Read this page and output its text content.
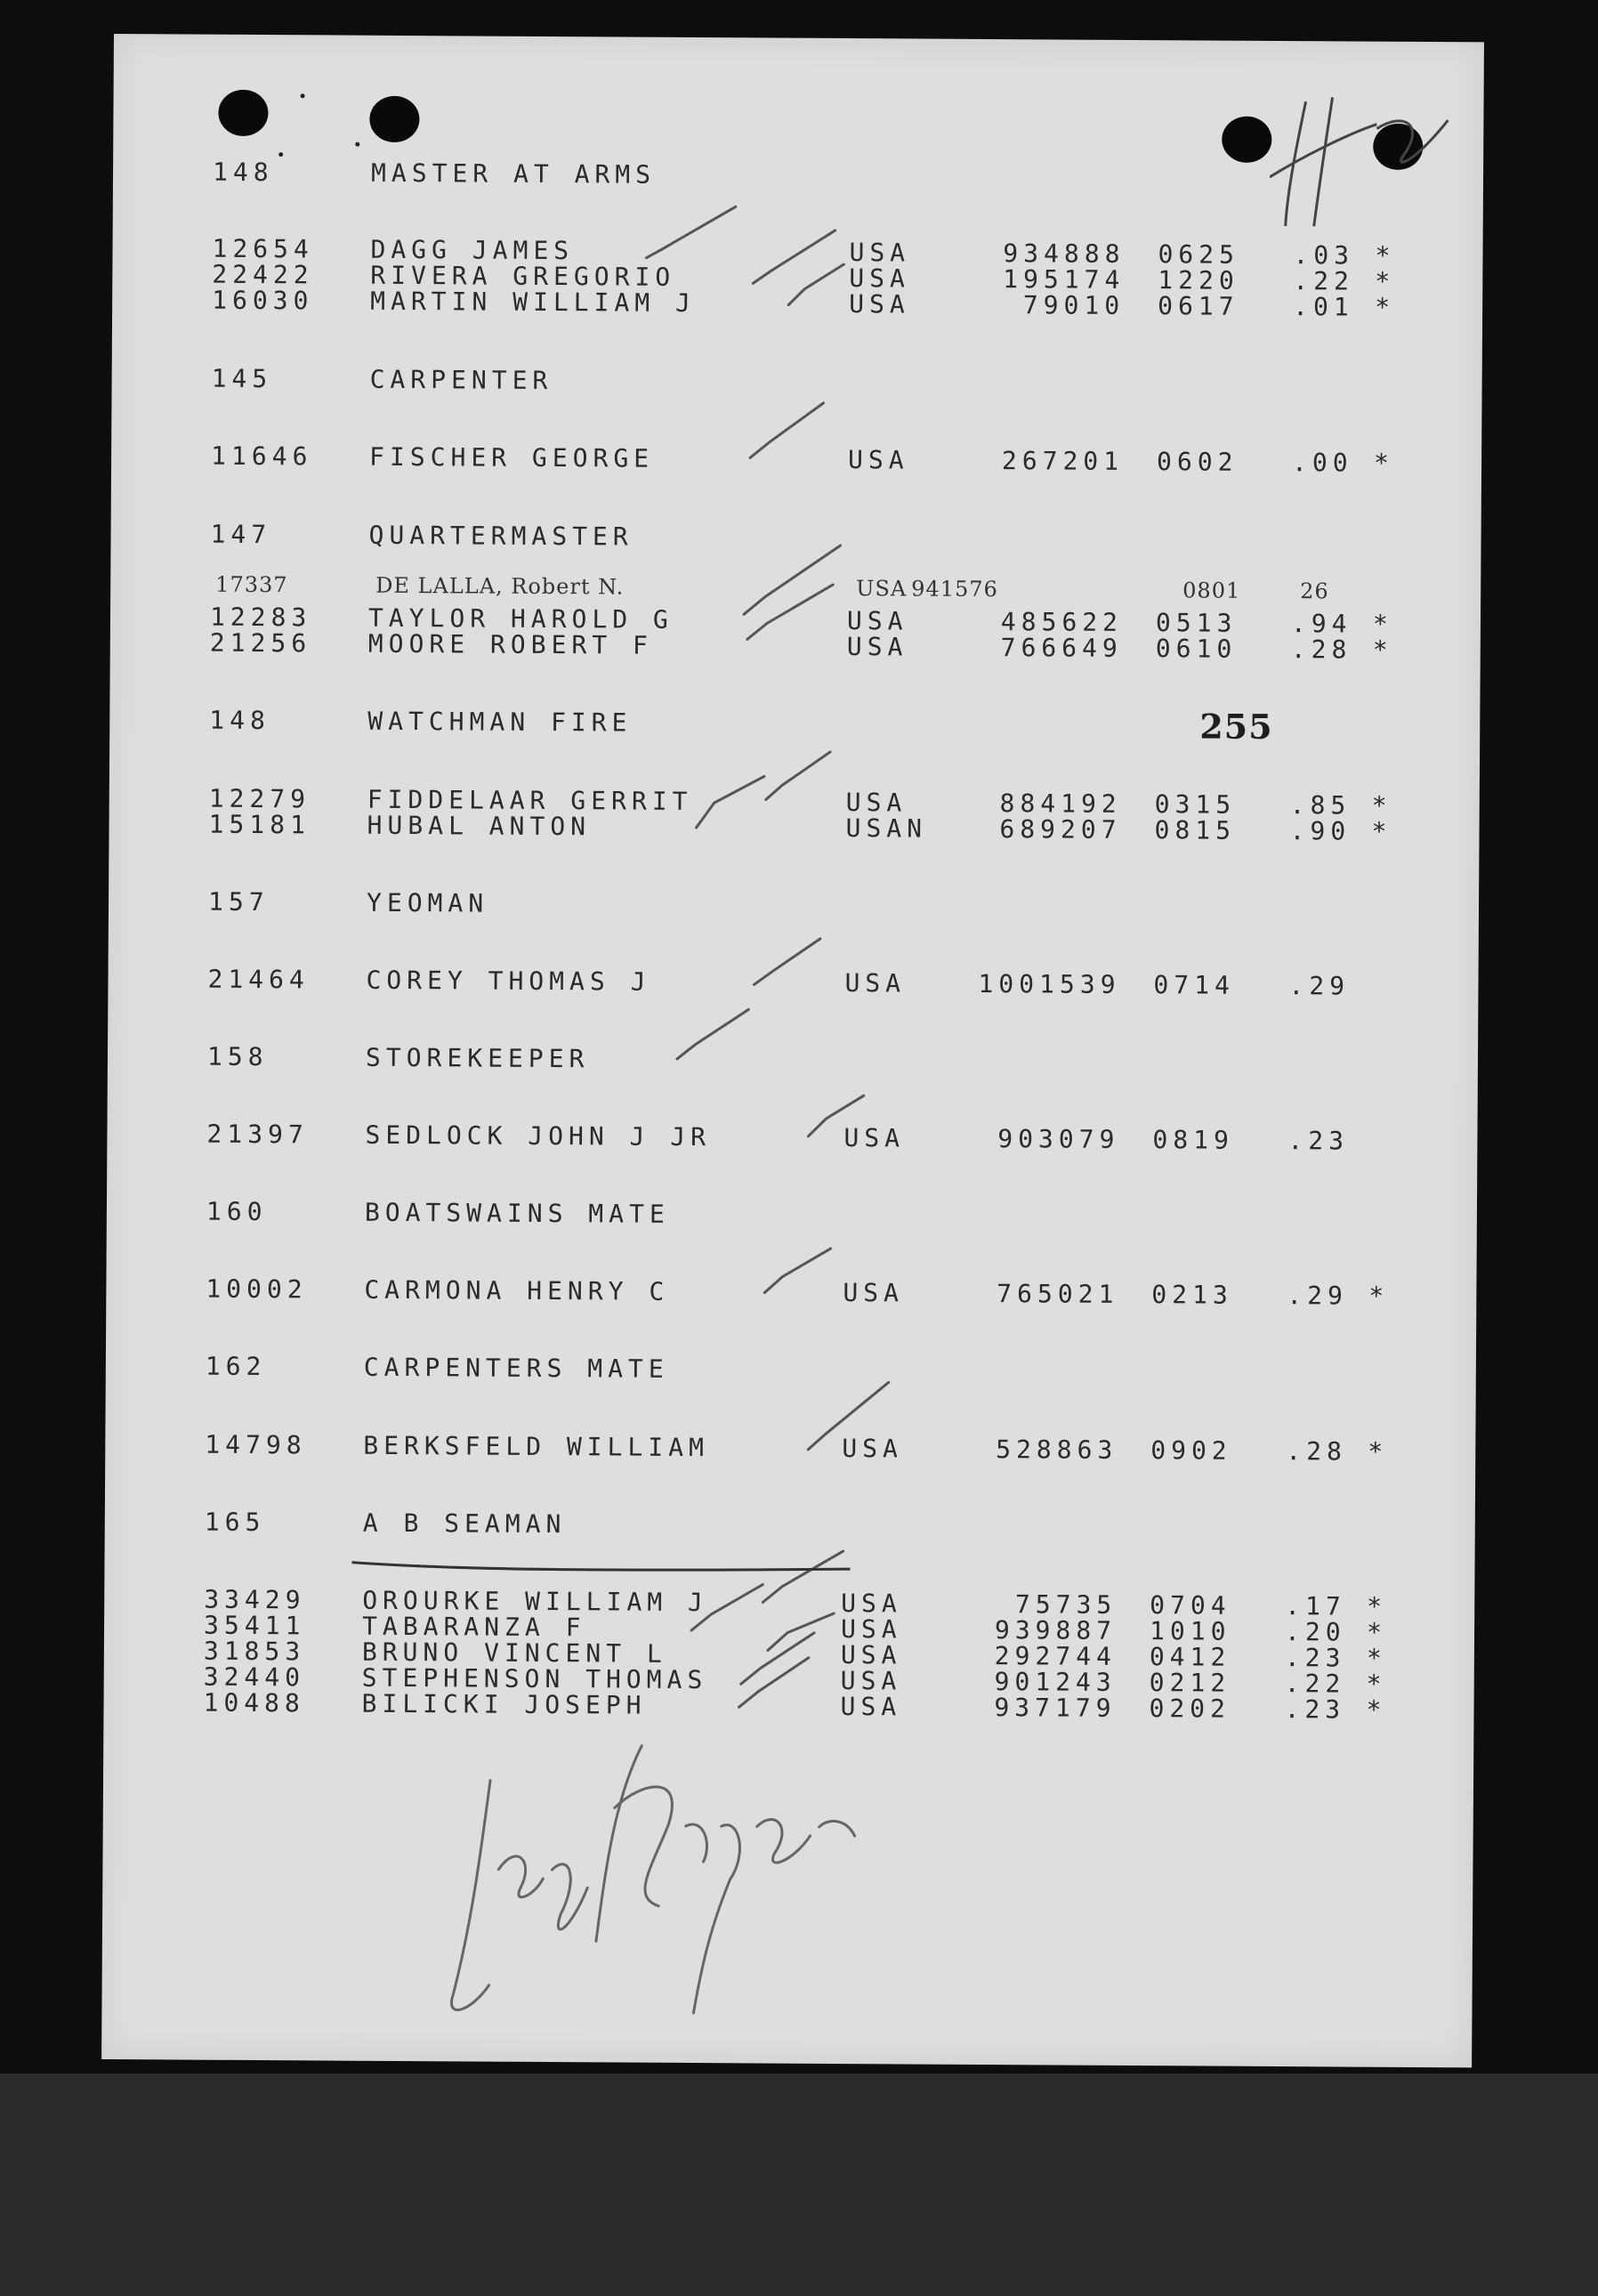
148	MASTER AT ARMS
12654 DAGG JAMES	USA	934888 0625 .03 *
22422 RIVERA GREGORIO	USA	195174 1220 .22 *
16030 MARTIN WILLIAM J	USA	79010 0617 .01 *
145	CARPENTER
11646 FISCHER GEORGE	USA	267201 0602 .00 *
147	QUARTERMASTER
17337	DE LALLA, Robert N.	USA 941576	0801	26
12283 TAYLOR HAROLD G	USA	485622 0513 .94 *
21256 MOORE ROBERT F	USA	766649 0610 .28 *
148	WATCHMAN FIRE
12279 FIDDELAAR GERRIT	USA	884192 0315 .85 *
15181 HUBAL ANTON	USAN	689207 0815 .90 *
157	YEOMAN
21464 COREY THOMAS J	USA	1001539 0714 .29
158	STOREKEEPER
21397 SEDLOCK JOHN J JR	USA	903079 0819 .23
160	BOATSWAINS MATE
10002 CARMONA HENRY C	USA	765021 0213 .29 *
162	CARPENTERS MATE
14798 BERKSFELD WILLIAM	USA	528863 0902 .28 *
165	A B SEAMAN
33429 OROURKE WILLIAM J	USA	75735 0704 .17 *
35411 TABARANZA F	USA	939887 1010 .20 *
31853 BRUNO VINCENT L	USA	292744 0412 .23 *
32440 STEPHENSON THOMAS	USA	901243 0212 .22 *
10488 BILICKI JOSEPH	USA	937179 0202 .23 *
255
